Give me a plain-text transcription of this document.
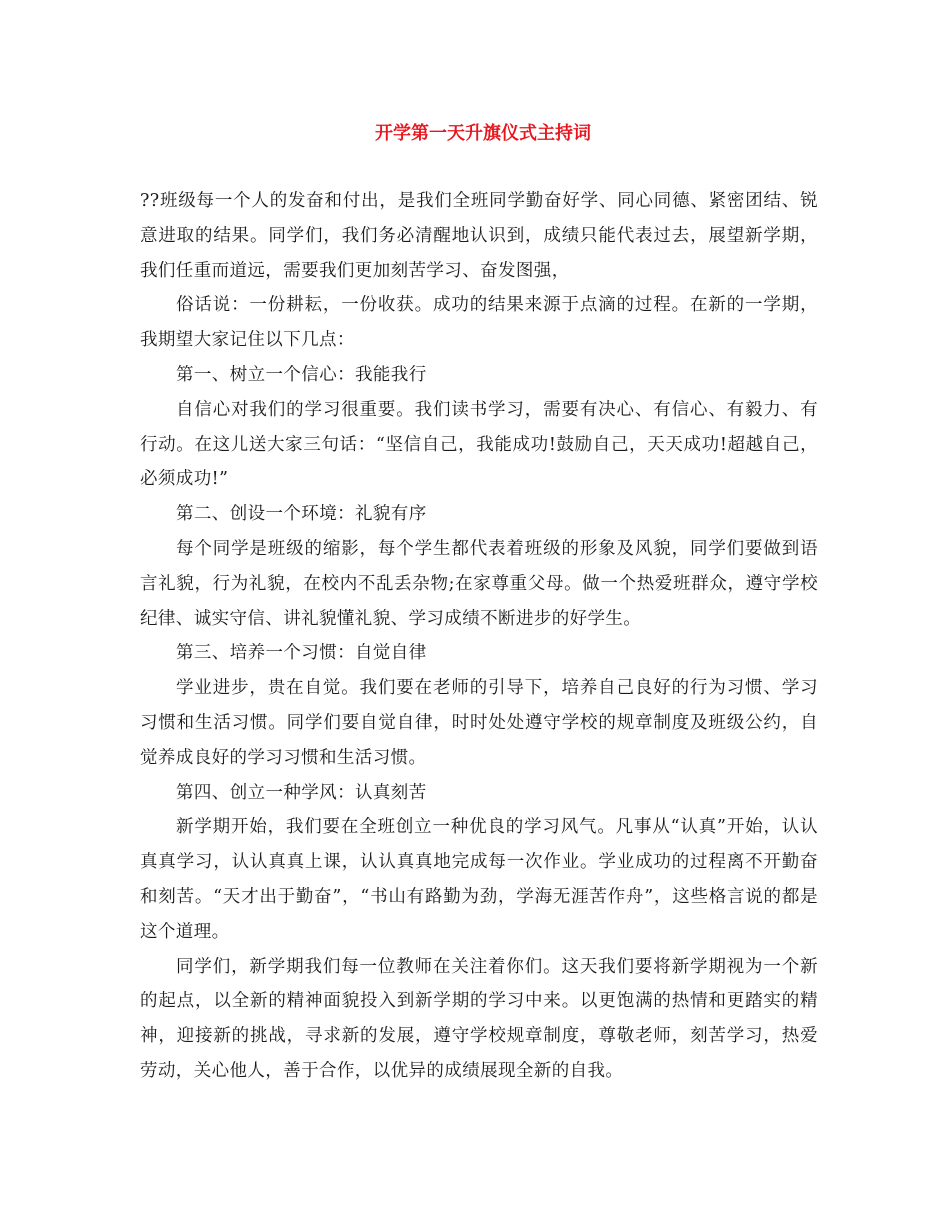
开学第一天升旗仪式主持词

??班级每一个人的发奋和付出，是我们全班同学勤奋好学、同心同德、紧密团结、锐意进取的结果。同学们，我们务必清醒地认识到，成绩只能代表过去，展望新学期，我们任重而道远，需要我们更加刻苦学习、奋发图强，

俗话说：一份耕耘，一份收获。成功的结果来源于点滴的过程。在新的一学期，我期望大家记住以下几点：

第一、树立一个信心：我能我行

自信心对我们的学习很重要。我们读书学习，需要有决心、有信心、有毅力、有行动。在这儿送大家三句话：“坚信自己，我能成功!鼓励自己，天天成功!超越自己，必须成功!”

第二、创设一个环境：礼貌有序

每个同学是班级的缩影，每个学生都代表着班级的形象及风貌，同学们要做到语言礼貌，行为礼貌，在校内不乱丢杂物;在家尊重父母。做一个热爱班群众，遵守学校纪律、诚实守信、讲礼貌懂礼貌、学习成绩不断进步的好学生。

第三、培养一个习惯：自觉自律

学业进步，贵在自觉。我们要在老师的引导下，培养自己良好的行为习惯、学习习惯和生活习惯。同学们要自觉自律，时时处处遵守学校的规章制度及班级公约，自觉养成良好的学习习惯和生活习惯。

第四、创立一种学风：认真刻苦

新学期开始，我们要在全班创立一种优良的学习风气。凡事从“认真”开始，认认真真学习，认认真真上课，认认真真地完成每一次作业。学业成功的过程离不开勤奋和刻苦。“天才出于勤奋”，“书山有路勤为劲，学海无涯苦作舟”，这些格言说的都是这个道理。

同学们，新学期我们每一位教师在关注着你们。这天我们要将新学期视为一个新的起点，以全新的精神面貌投入到新学期的学习中来。以更饱满的热情和更踏实的精神，迎接新的挑战，寻求新的发展，遵守学校规章制度，尊敬老师，刻苦学习，热爱劳动，关心他人，善于合作，以优异的成绩展现全新的自我。
